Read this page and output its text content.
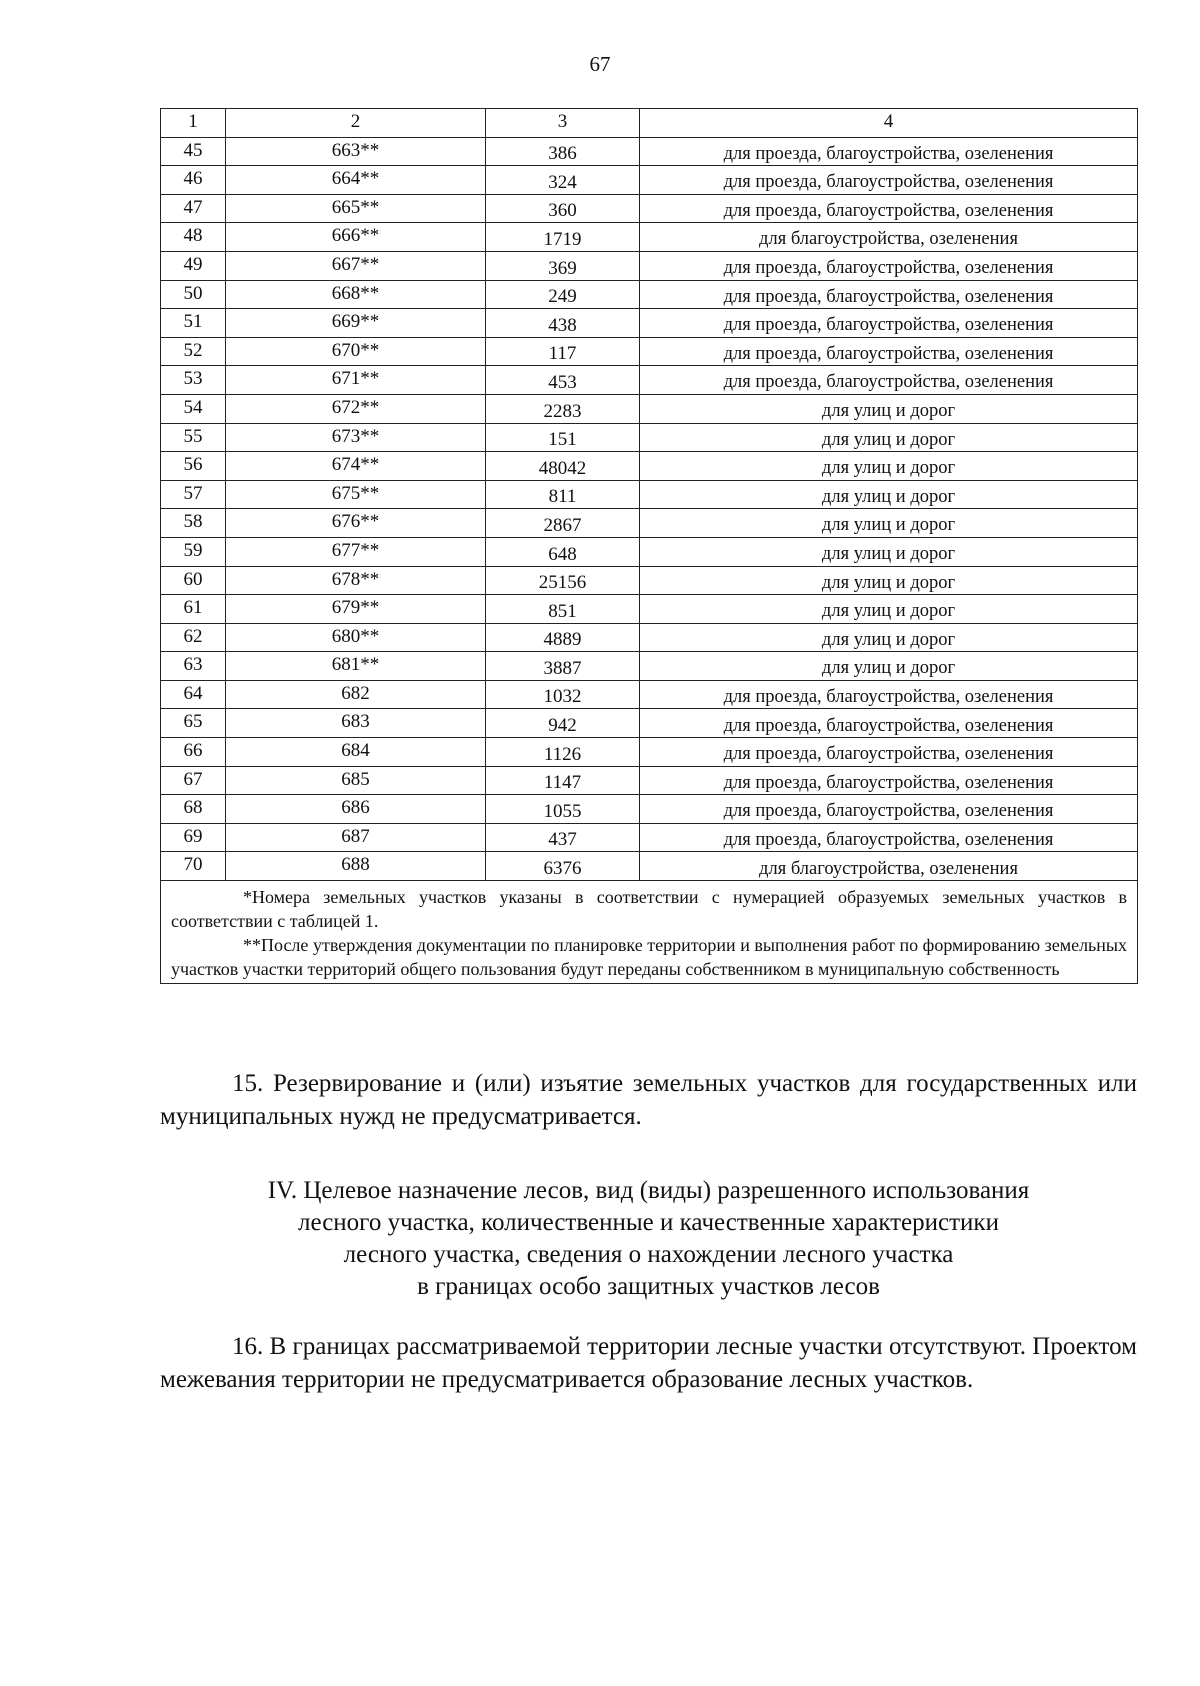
67
1	2	3	4
45	663**	386	для проезда, благоустройства, озеленения
46	664**	324	для проезда, благоустройства, озеленения
47	665**	360	для проезда, благоустройства, озеленения
48	666**	1719	для благоустройства, озеленения
49	667**	369	для проезда, благоустройства, озеленения
50	668**	249	для проезда, благоустройства, озеленения
51	669**	438	для проезда, благоустройства, озеленения
52	670**	117	для проезда, благоустройства, озеленения
53	671**	453	для проезда, благоустройства, озеленения
54	672**	2283	для улиц и дорог
55	673**	151	для улиц и дорог
56	674**	48042	для улиц и дорог
57	675**	811	для улиц и дорог
58	676**	2867	для улиц и дорог
59	677**	648	для улиц и дорог
60	678**	25156	для улиц и дорог
61	679**	851	для улиц и дорог
62	680**	4889	для улиц и дорог
63	681**	3887	для улиц и дорог
64	682	1032	для проезда, благоустройства, озеленения
65	683	942	для проезда, благоустройства, озеленения
66	684	1126	для проезда, благоустройства, озеленения
67	685	1147	для проезда, благоустройства, озеленения
68	686	1055	для проезда, благоустройства, озеленения
69	687	437	для проезда, благоустройства, озеленения
70	688	6376	для благоустройства, озеленения

*Номера земельных участков указаны в соответствии с нумерацией образуемых земельных участков в соответствии с таблицей 1.

**После утверждения документации по планировке территории и выполнения работ по формированию земельных участков участки территорий общего пользования будут переданы собственником в муниципальную собственность			

15. Резервирование и (или) изъятие земельных участков для государственных или муниципальных нужд не предусматривается.

IV. Целевое назначение лесов, вид (виды) разрешенного использования
лесного участка, количественные и качественные характеристики
лесного участка, сведения о нахождении лесного участка
в границах особо защитных участков лесов

16. В границах рассматриваемой территории лесные участки отсутствуют. Проектом межевания территории не предусматривается образование лесных участков.
